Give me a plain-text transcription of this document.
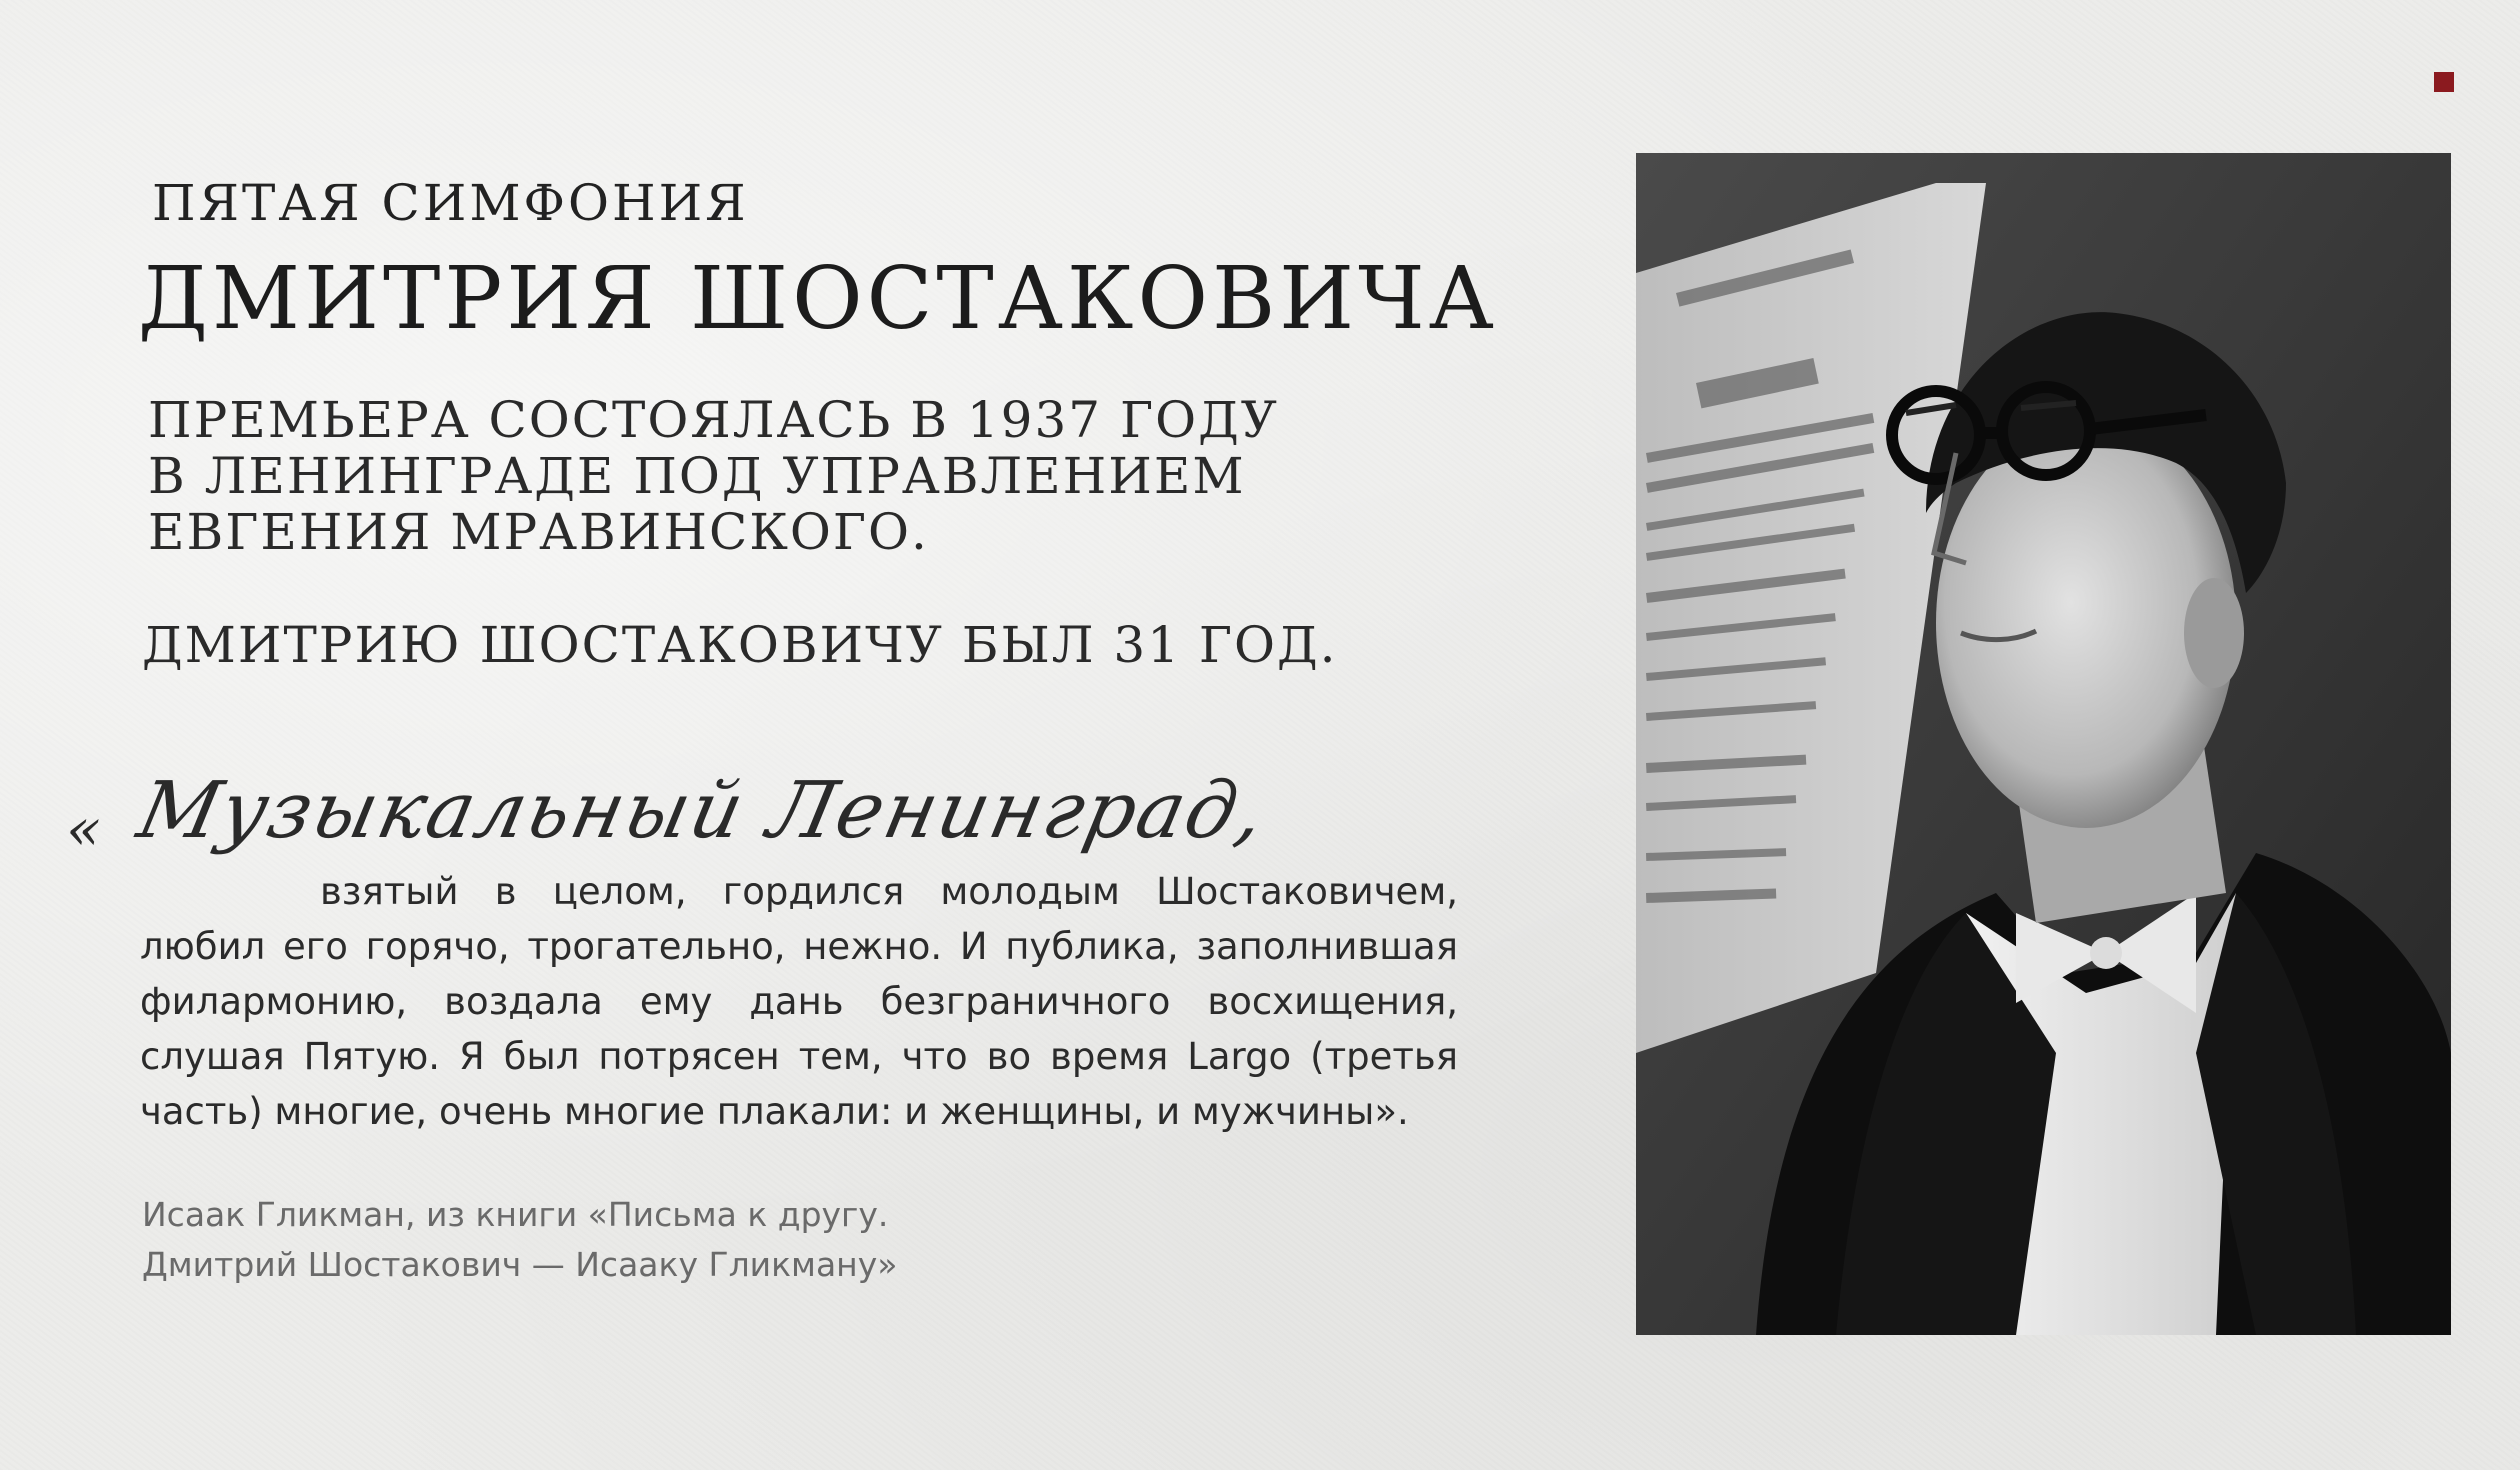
ПЯТАЯ СИМФОНИЯ
ДМИТРИЯ ШОСТАКОВИЧА
ПРЕМЬЕРА СОСТОЯЛАСЬ В 1937 ГОДУ
В ЛЕНИНГРАДЕ ПОД УПРАВЛЕНИЕМ
ЕВГЕНИЯ МРАВИНСКОГО.
ДМИТРИЮ ШОСТАКОВИЧУ БЫЛ 31 ГОД.
« Музыкальный Ленинград,

взятый в целом, гордился молодым Шостаковичем,

любил его горячо, трогательно, нежно. И публика, заполнившая

филармонию, воздала ему дань безграничного восхищения,

слушая Пятую. Я был потрясен тем, что во время Largo (третья

часть) многие, очень многие плакали: и женщины, и мужчины».

Исаак Гликман, из книги «Письма к другу.

Дмитрий Шостакович — Исааку Гликману»
